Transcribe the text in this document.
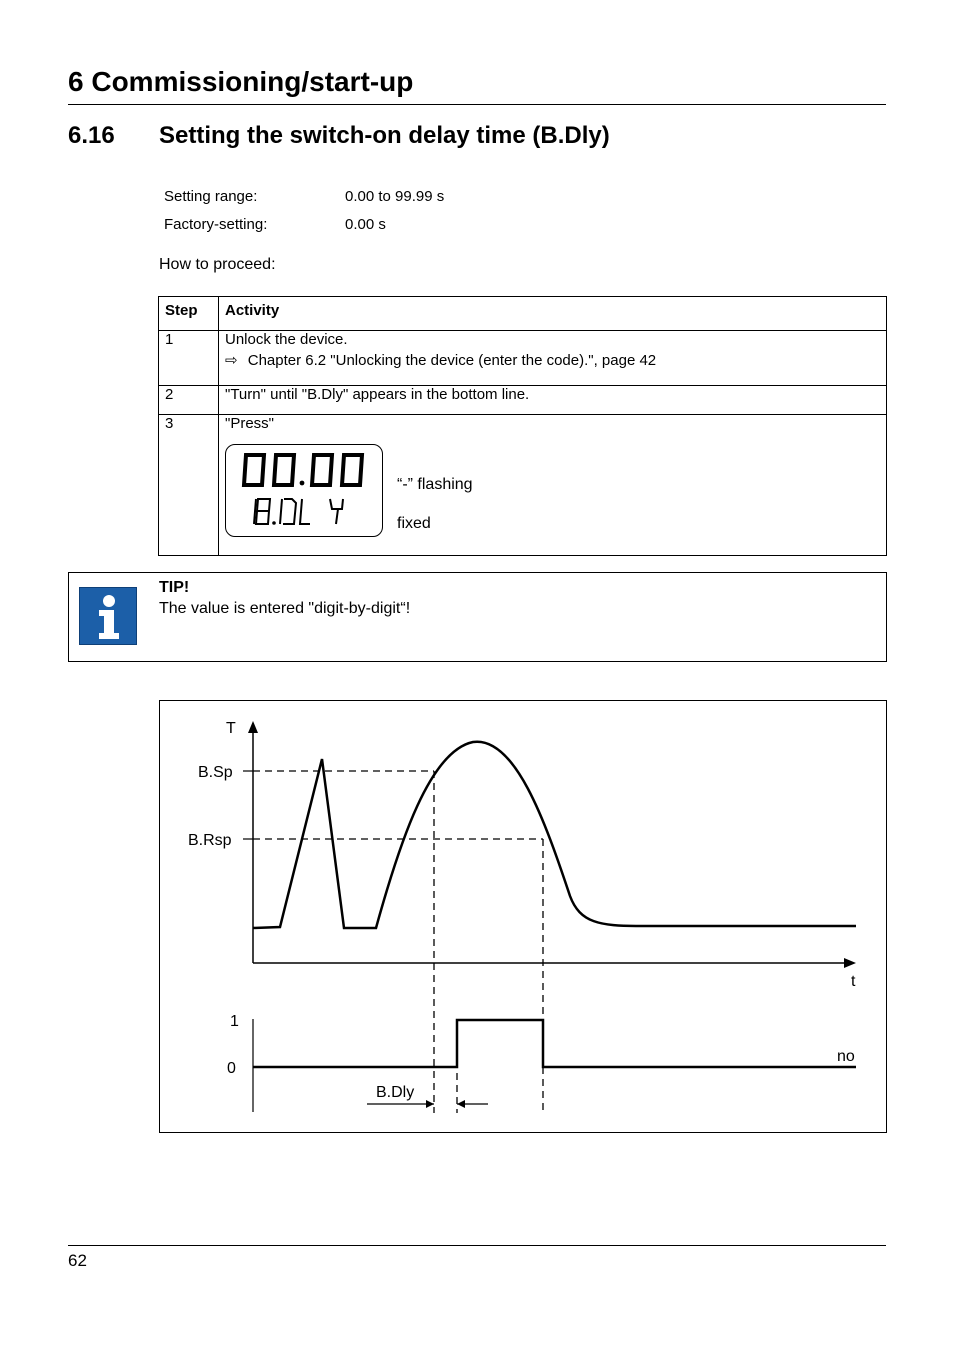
6 Commissioning/start-up
6.16 Setting the switch-on delay time (B.Dly)
Setting range:	0.00 to 99.99 s
Factory-setting:	0.00 s
How to proceed:
Step	Activity
1	Unlock the device.
⇨ Chapter 6.2 "Unlocking the device (enter the code).", page 42

2	"Turn" until "B.Dly" appears in the bottom line.
3	"Press"
“-” flashing
fixed
TIP!
The value is entered "digit-by-digit“!
T
B.Sp
B.Rsp
t
1
0
no
B.Dly
62
